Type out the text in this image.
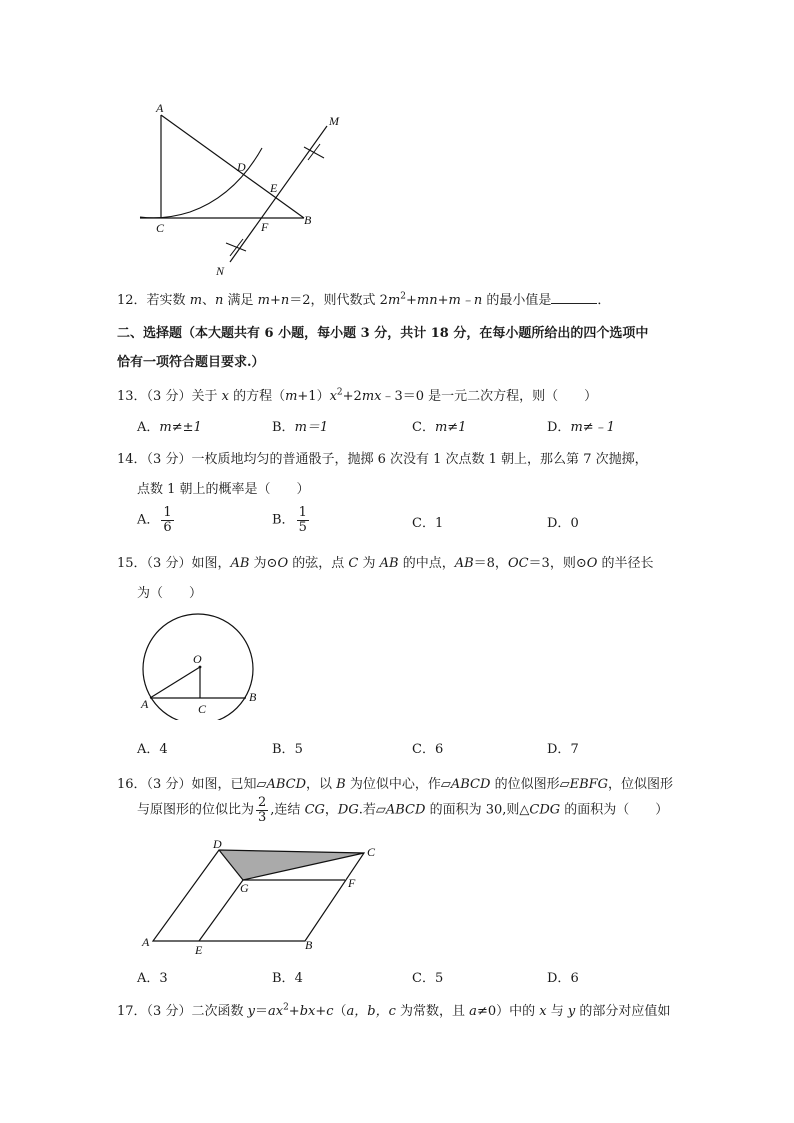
A
C
B
D
E
F
M
N
12．若实数 m、n 满足 m+n＝2，则代数式 $2m^2+mn+m﹣n$ 的最小值是	．
二、选择题（本大题共有 6 小题，每小题 3 分，共计 18 分，在每小题所给出的四个选项中
恰有一项符合题目要求.）
13．（3 分）关于 x 的方程$(m+1)x^2+2mx﹣3=0$ 是一元二次方程，则（　　）
A．m≠±1	B．m＝1	C．m≠1	D．m≠﹣1
14．（3 分）一枚质地均匀的普通骰子，抛掷 6 次没有 1 次点数 1 朝上，那么第 7 次抛掷，
点数 1 朝上的概率是（　　）
A． $\frac{1}{6}$	B． $\frac{1}{5}$	C．1	D．0
15．（3 分）如图，AB 为⊙O 的弦，点 C 为 AB 的中点，AB＝8，OC＝3，则⊙O 的半径长
为（　　）
O
A	B
C
A．4	B．5	C．6	D．7
16．（3 分）如图，已知▱ABCD，以 B 为位似中心，作▱ABCD 的位似图形▱EBFG，位似图形
与原图形的位似比为 $\frac{2}{3}$ ,连结 CG，DG.若▱ABCD 的面积为 30,则△CDG 的面积为（　　）
D
C
G	F
A
E	B
A．3	B．4	C．5	D．6
17．（3 分）二次函数 $y=ax^2+bx+c(a$，b，c 为常数，且 a≠0）中的 x 与 y 的部分对应值如
